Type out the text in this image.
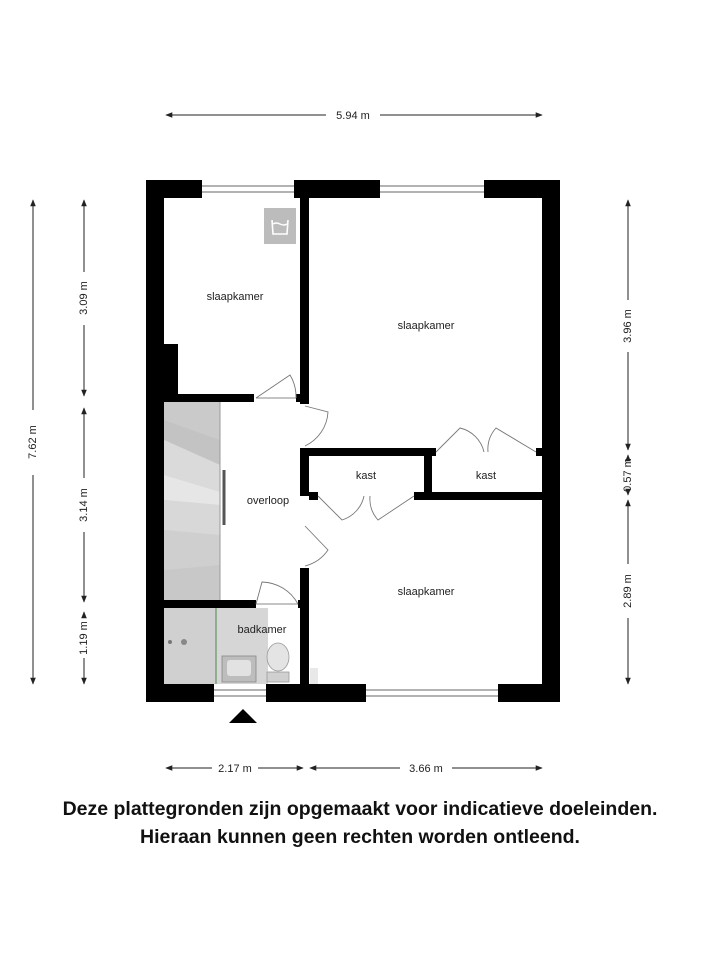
5.94 m
7.62 m
3.09 m
3.14 m
1.19 m
3.96 m
0.57 m
2.89 m
2.17 m	3.66 m
slaapkamer
slaapkamer
kast	kast
overloop
slaapkamer
badkamer
Deze plattegronden zijn opgemaakt voor indicatieve doeleinden.
Hieraan kunnen geen rechten worden ontleend.
